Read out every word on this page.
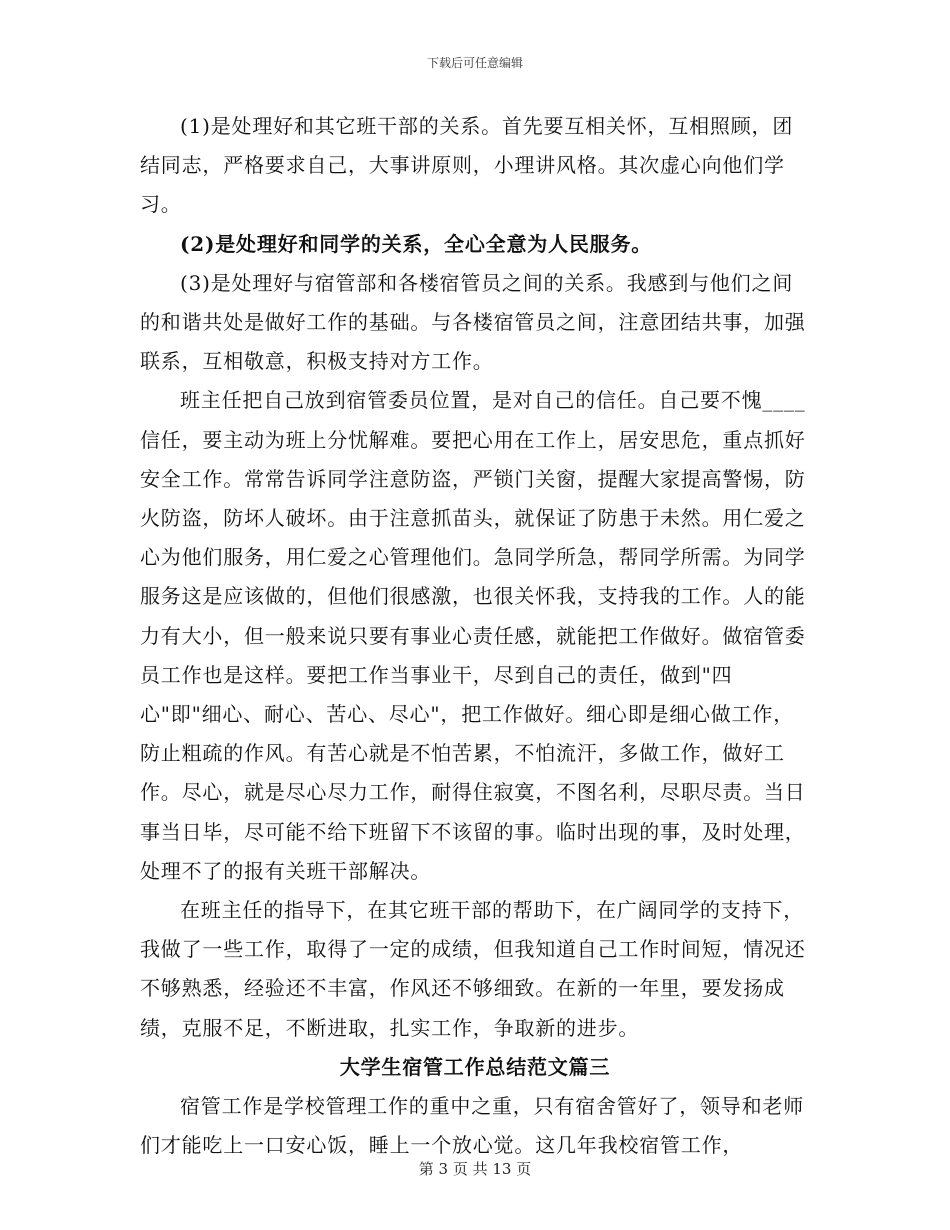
下载后可任意编辑

(1)是处理好和其它班干部的关系。首先要互相关怀，互相照顾，团结同志，严格要求自己，大事讲原则，小理讲风格。其次虚心向他们学习。

(2)是处理好和同学的关系，全心全意为人民服务。

(3)是处理好与宿管部和各楼宿管员之间的关系。我感到与他们之间的和谐共处是做好工作的基础。与各楼宿管员之间，注意团结共事，加强联系，互相敬意，积极支持对方工作。

班主任把自己放到宿管委员位置，是对自己的信任。自己要不愧____信任，要主动为班上分忧解难。要把心用在工作上，居安思危，重点抓好安全工作。常常告诉同学注意防盗，严锁门关窗，提醒大家提高警惕，防火防盗，防坏人破坏。由于注意抓苗头，就保证了防患于未然。用仁爱之心为他们服务，用仁爱之心管理他们。急同学所急，帮同学所需。为同学服务这是应该做的，但他们很感激，也很关怀我，支持我的工作。人的能力有大小，但一般来说只要有事业心责任感，就能把工作做好。做宿管委员工作也是这样。要把工作当事业干，尽到自己的责任，做到"四心"即"细心、耐心、苦心、尽心"，把工作做好。细心即是细心做工作，防止粗疏的作风。有苦心就是不怕苦累，不怕流汗，多做工作，做好工作。尽心，就是尽心尽力工作，耐得住寂寞，不图名利，尽职尽责。当日事当日毕，尽可能不给下班留下不该留的事。临时出现的事，及时处理，处理不了的报有关班干部解决。

在班主任的指导下，在其它班干部的帮助下，在广阔同学的支持下，我做了一些工作，取得了一定的成绩，但我知道自己工作时间短，情况还不够熟悉，经验还不丰富，作风还不够细致。在新的一年里，要发扬成绩，克服不足，不断进取，扎实工作，争取新的进步。

大学生宿管工作总结范文篇三

宿管工作是学校管理工作的重中之重，只有宿舍管好了，领导和老师们才能吃上一口安心饭，睡上一个放心觉。这几年我校宿管工作，

第 3 页 共 13 页
